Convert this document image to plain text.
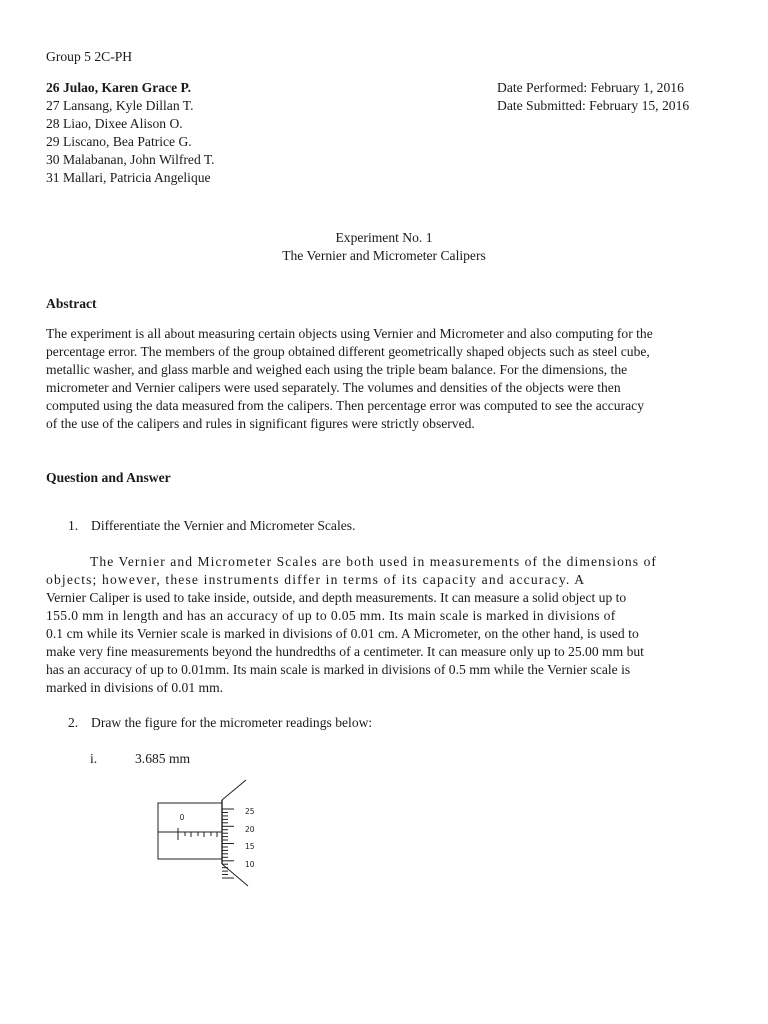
Group 5 2C-PH
26 Julao, Karen Grace P.
27 Lansang, Kyle Dillan T.
28 Liao, Dixee Alison O.
29 Liscano, Bea Patrice G.
30 Malabanan, John Wilfred T.
31 Mallari, Patricia Angelique
Date Performed: February 1, 2016
Date Submitted: February 15, 2016
Experiment No. 1
The Vernier and Micrometer Calipers
Abstract
The experiment is all about measuring certain objects using Vernier and Micrometer and also computing for the
percentage error. The members of the group obtained different geometrically shaped objects such as steel cube,
metallic washer, and glass marble and weighed each using the triple beam balance. For the dimensions, the
micrometer and Vernier calipers were used separately. The volumes and densities of the objects were then
computed using the data measured from the calipers. Then percentage error was computed to see the accuracy
of the use of the calipers and rules in significant figures were strictly observed.
Question and Answer
1. Differentiate the Vernier and Micrometer Scales.
The Vernier and Micrometer Scales are both used in measurements of the dimensions of
objects; however, these instruments differ in terms of its capacity and accuracy. A
Vernier Caliper is used to take inside, outside, and depth measurements. It can measure a solid object up to
155.0 mm in length and has an accuracy of up to 0.05 mm. Its main scale is marked in divisions of
0.1 cm while its Vernier scale is marked in divisions of 0.01 cm. A Micrometer, on the other hand, is used to
make very fine measurements beyond the hundredths of a centimeter. It can measure only up to 25.00 mm but
has an accuracy of up to 0.01mm. Its main scale is marked in divisions of 0.5 mm while the Vernier scale is
marked in divisions of 0.01 mm.
2. Draw the figure for the micrometer readings below:
i.	3.685 mm
0
25
20
15
10
